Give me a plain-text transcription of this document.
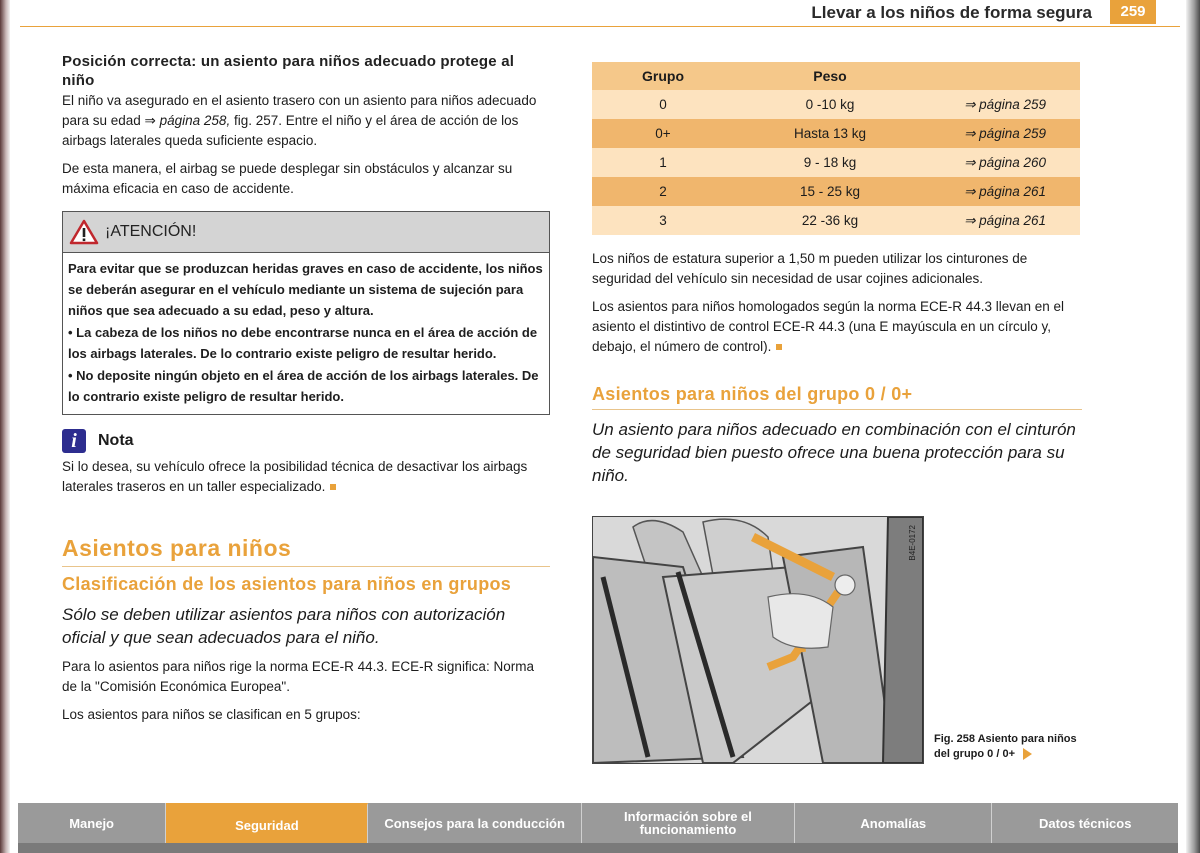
Llevar a los niños de forma segura	259
Posición correcta: un asiento para niños adecuado protege al niño

El niño va asegurado en el asiento trasero con un asiento para niños adecuado para su edad ⇒ página 258, fig. 257. Entre el niño y el área de acción de los airbags laterales queda suficiente espacio.

De esta manera, el airbag se puede desplegar sin obstáculos y alcanzar su máxima eficacia en caso de accidente.

¡ATENCIÓN!

Para evitar que se produzcan heridas graves en caso de accidente, los niños se deberán asegurar en el vehículo mediante un sistema de sujeción para niños que sea adecuado a su edad, peso y altura.

• La cabeza de los niños no debe encontrarse nunca en el área de acción de los airbags laterales. De lo contrario existe peligro de resultar herido.

• No deposite ningún objeto en el área de acción de los airbags laterales. De lo contrario existe peligro de resultar herido.

i	Nota

Si lo desea, su vehículo ofrece la posibilidad técnica de desactivar los airbags laterales traseros en un taller especializado.

Asientos para niños
Clasificación de los asientos para niños en grupos

Sólo se deben utilizar asientos para niños con autorización oficial y que sean adecuados para el niño.

Para lo asientos para niños rige la norma ECE-R 44.3. ECE-R significa: Norma de la "Comisión Económica Europea".

Los asientos para niños se clasifican en 5 grupos:

Grupo	Peso	
0	0 -10 kg	⇒ página 259
0+	Hasta 13 kg	⇒ página 259
1	9 - 18 kg	⇒ página 260
2	15 - 25 kg	⇒ página 261
3	22 -36 kg	⇒ página 261

Los niños de estatura superior a 1,50 m pueden utilizar los cinturones de seguridad del vehículo sin necesidad de usar cojines adicionales.

Los asientos para niños homologados según la norma ECE-R 44.3 llevan en el asiento el distintivo de control ECE-R 44.3 (una E mayúscula en un círculo y, debajo, el número de control).

Asientos para niños del grupo 0 / 0+

Un asiento para niños adecuado en combinación con el cinturón de seguridad bien puesto ofrece una buena protección para su niño.

B4E-0172
Fig. 258 Asiento para niños del grupo 0 / 0+
Manejo	Seguridad	Consejos para la conducción	Información sobre el funcionamiento	Anomalías	Datos técnicos
